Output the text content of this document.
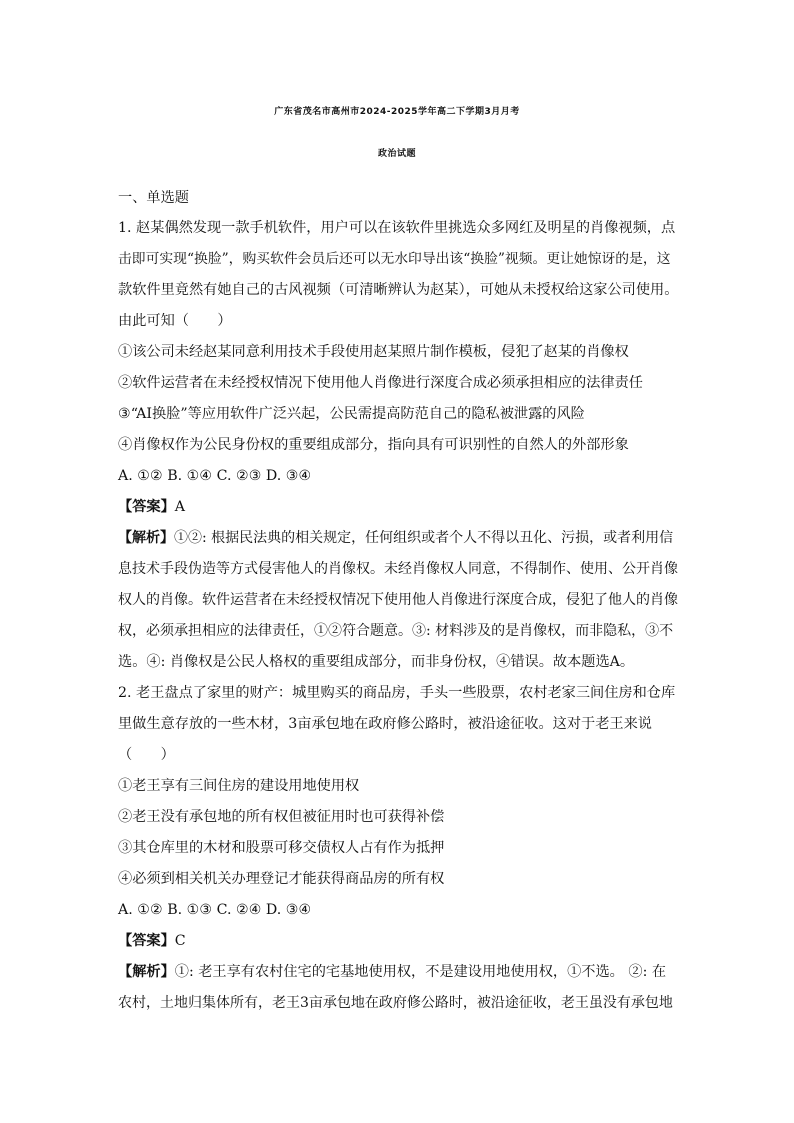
广东省茂名市高州市2024-2025学年高二下学期3月月考
政治试题
一、单选题
1. 赵某偶然发现一款手机软件，用户可以在该软件里挑选众多网红及明星的肖像视频，点
击即可实现“换脸”，购买软件会员后还可以无水印导出该“换脸”视频。更让她惊讶的是，这
款软件里竟然有她自己的古风视频（可清晰辨认为赵某），可她从未授权给这家公司使用。
由此可知（　　）
①该公司未经赵某同意利用技术手段使用赵某照片制作模板，侵犯了赵某的肖像权
②软件运营者在未经授权情况下使用他人肖像进行深度合成必须承担相应的法律责任
③“AI换脸”等应用软件广泛兴起，公民需提高防范自己的隐私被泄露的风险
④肖像权作为公民身份权的重要组成部分，指向具有可识别性的自然人的外部形象
A. ①② B. ①④ C. ②③ D. ③④
【答案】A
【解析】①②: 根据民法典的相关规定，任何组织或者个人不得以丑化、污损，或者利用信
息技术手段伪造等方式侵害他人的肖像权。未经肖像权人同意，不得制作、使用、公开肖像
权人的肖像。软件运营者在未经授权情况下使用他人肖像进行深度合成，侵犯了他人的肖像
权，必须承担相应的法律责任，①②符合题意。③: 材料涉及的是肖像权，而非隐私，③不
选。④: 肖像权是公民人格权的重要组成部分，而非身份权，④错误。故本题选A。
2. 老王盘点了家里的财产：城里购买的商品房，手头一些股票，农村老家三间住房和仓库
里做生意存放的一些木材，3亩承包地在政府修公路时，被沿途征收。这对于老王来说
（　　）
①老王享有三间住房的建设用地使用权
②老王没有承包地的所有权但被征用时也可获得补偿
③其仓库里的木材和股票可移交债权人占有作为抵押
④必须到相关机关办理登记才能获得商品房的所有权
A. ①② B. ①③ C. ②④ D. ③④
【答案】C
【解析】①: 老王享有农村住宅的宅基地使用权，不是建设用地使用权，①不选。 ②: 在
农村，土地归集体所有，老王3亩承包地在政府修公路时，被沿途征收，老王虽没有承包地
